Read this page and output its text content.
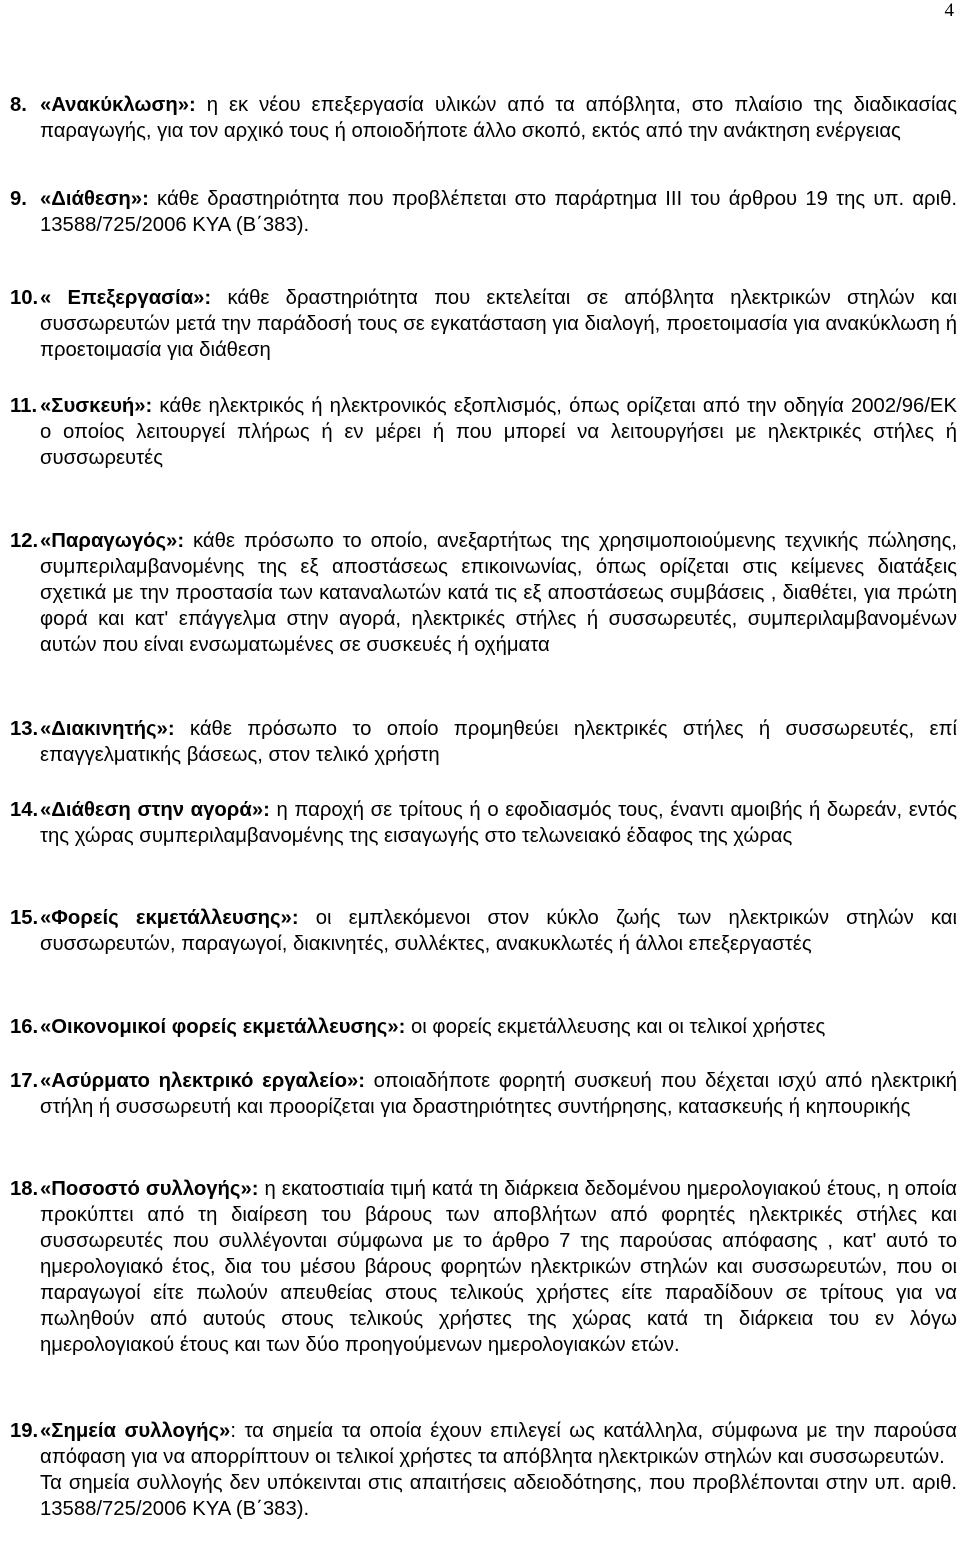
4
8. «Ανακύκλωση»: η εκ νέου επεξεργασία υλικών από τα απόβλητα, στο πλαίσιο της διαδικασίας παραγωγής, για τον αρχικό τους ή οποιοδήποτε άλλο σκοπό, εκτός από την ανάκτηση ενέργειας
9. «Διάθεση»: κάθε δραστηριότητα που προβλέπεται στο παράρτημα ΙΙΙ του άρθρου 19 της υπ. αριθ. 13588/725/2006 ΚΥΑ (Β΄383).
10. « Επεξεργασία»: κάθε δραστηριότητα που εκτελείται σε απόβλητα ηλεκτρικών στηλών και συσσωρευτών μετά την παράδοσή τους σε εγκατάσταση για διαλογή, προετοιμασία για ανακύκλωση ή προετοιμασία για διάθεση
11. «Συσκευή»: κάθε ηλεκτρικός ή ηλεκτρονικός εξοπλισμός, όπως ορίζεται από την οδηγία 2002/96/ΕΚ ο οποίος λειτουργεί πλήρως ή εν μέρει ή που μπορεί να λειτουργήσει με ηλεκτρικές στήλες ή συσσωρευτές
12. «Παραγωγός»: κάθε πρόσωπο το οποίο, ανεξαρτήτως της χρησιμοποιούμενης τεχνικής πώλησης, συμπεριλαμβανομένης της εξ αποστάσεως επικοινωνίας, όπως ορίζεται στις κείμενες διατάξεις σχετικά με την προστασία των καταναλωτών κατά τις εξ αποστάσεως συμβάσεις , διαθέτει, για πρώτη φορά και κατ' επάγγελμα στην αγορά, ηλεκτρικές στήλες ή συσσωρευτές, συμπεριλαμβανομένων αυτών που είναι ενσωματωμένες σε συσκευές ή οχήματα
13. «Διακινητής»: κάθε πρόσωπο το οποίο προμηθεύει ηλεκτρικές στήλες ή συσσωρευτές, επί επαγγελματικής βάσεως, στον τελικό χρήστη
14. «Διάθεση στην αγορά»: η παροχή σε τρίτους ή ο εφοδιασμός τους, έναντι αμοιβής ή δωρεάν, εντός της χώρας συμπεριλαμβανομένης της εισαγωγής στο τελωνειακό έδαφος της χώρας
15. «Φορείς εκμετάλλευσης»: οι εμπλεκόμενοι στον κύκλο ζωής των ηλεκτρικών στηλών και συσσωρευτών, παραγωγοί, διακινητές, συλλέκτες, ανακυκλωτές ή άλλοι επεξεργαστές
16. «Οικονομικοί φορείς εκμετάλλευσης»: οι φορείς εκμετάλλευσης και οι τελικοί χρήστες
17. «Ασύρματο ηλεκτρικό εργαλείο»: οποιαδήποτε φορητή συσκευή που δέχεται ισχύ από ηλεκτρική στήλη ή συσσωρευτή και προορίζεται για δραστηριότητες συντήρησης, κατασκευής ή κηπουρικής
18. «Ποσοστό συλλογής»: η εκατοστιαία τιμή κατά τη διάρκεια δεδομένου ημερολογιακού έτους, η οποία προκύπτει από τη διαίρεση του βάρους των αποβλήτων από φορητές ηλεκτρικές στήλες και συσσωρευτές που συλλέγονται σύμφωνα με το άρθρο 7 της παρούσας απόφασης , κατ' αυτό το ημερολογιακό έτος, δια του μέσου βάρους φορητών ηλεκτρικών στηλών και συσσωρευτών, που οι παραγωγοί είτε πωλούν απευθείας στους τελικούς χρήστες είτε παραδίδουν σε τρίτους για να πωληθούν από αυτούς στους τελικούς χρήστες της χώρας κατά τη διάρκεια του εν λόγω ημερολογιακού έτους και των δύο προηγούμενων ημερολογιακών ετών.
19. «Σημεία συλλογής»: τα σημεία τα οποία έχουν επιλεγεί ως κατάλληλα, σύμφωνα με την παρούσα απόφαση για να απορρίπτουν οι τελικοί χρήστες τα απόβλητα ηλεκτρικών στηλών και συσσωρευτών.
Τα σημεία συλλογής δεν υπόκεινται στις απαιτήσεις αδειοδότησης, που προβλέπονται στην υπ. αριθ. 13588/725/2006 ΚΥΑ (Β΄383).
